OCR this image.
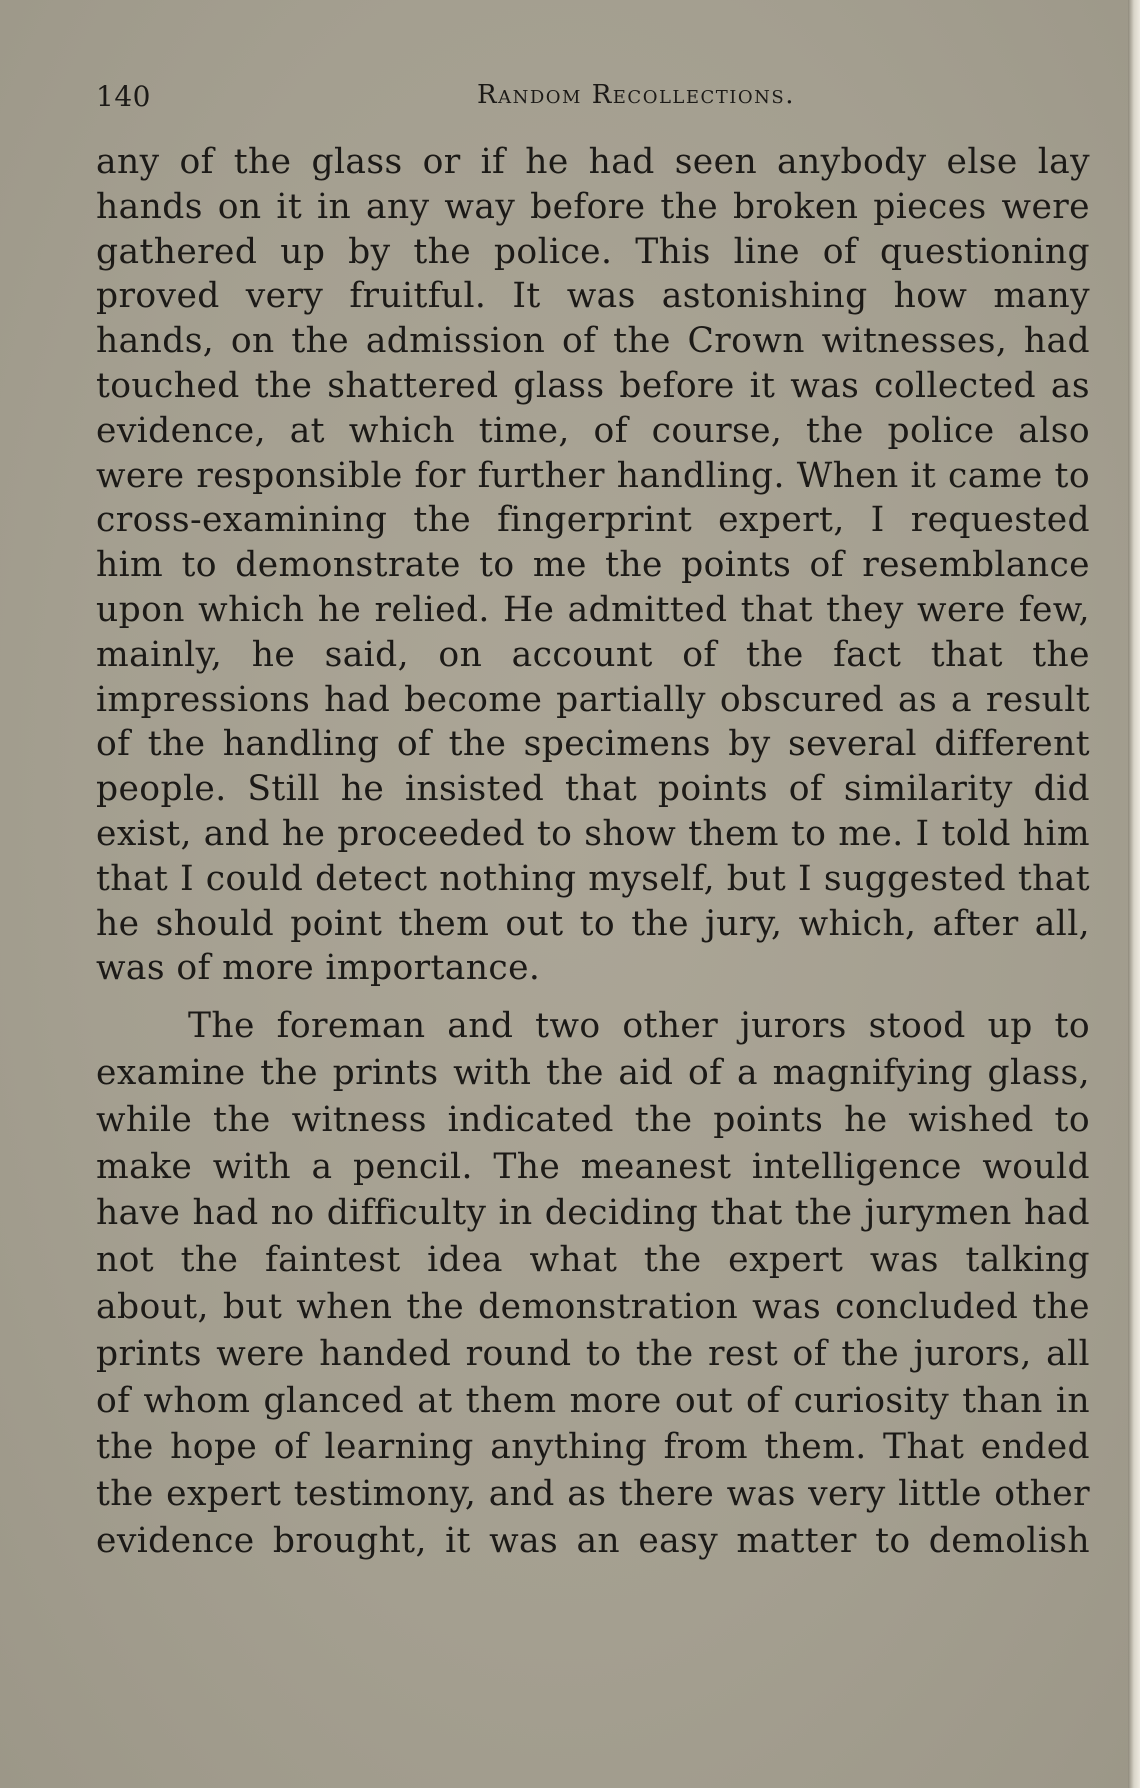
140	Random Recollections.

any of the glass or if he had seen anybody else lay hands on it in any way before the broken pieces were gathered up by the police. This line of questioning proved very fruitful. It was astonishing how many hands, on the admission of the Crown witnesses, had touched the shattered glass before it was collected as evidence, at which time, of course, the police also were responsible for further handling. When it came to cross-examining the fingerprint expert, I requested him to demonstrate to me the points of resemblance upon which he relied. He admitted that they were few, mainly, he said, on account of the fact that the impressions had become partially obscured as a result of the handling of the specimens by several different people. Still he insisted that points of similarity did exist, and he proceeded to show them to me. I told him that I could detect nothing myself, but I suggested that he should point them out to the jury, which, after all, was of more importance.

The foreman and two other jurors stood up to examine the prints with the aid of a magnifying glass, while the witness indicated the points he wished to make with a pencil. The meanest intelligence would have had no difficulty in deciding that the jurymen had not the faintest idea what the expert was talking about, but when the demonstration was concluded the prints were handed round to the rest of the jurors, all of whom glanced at them more out of curiosity than in the hope of learning anything from them. That ended the expert testimony, and as there was very little other evidence brought, it was an easy matter to demolish
